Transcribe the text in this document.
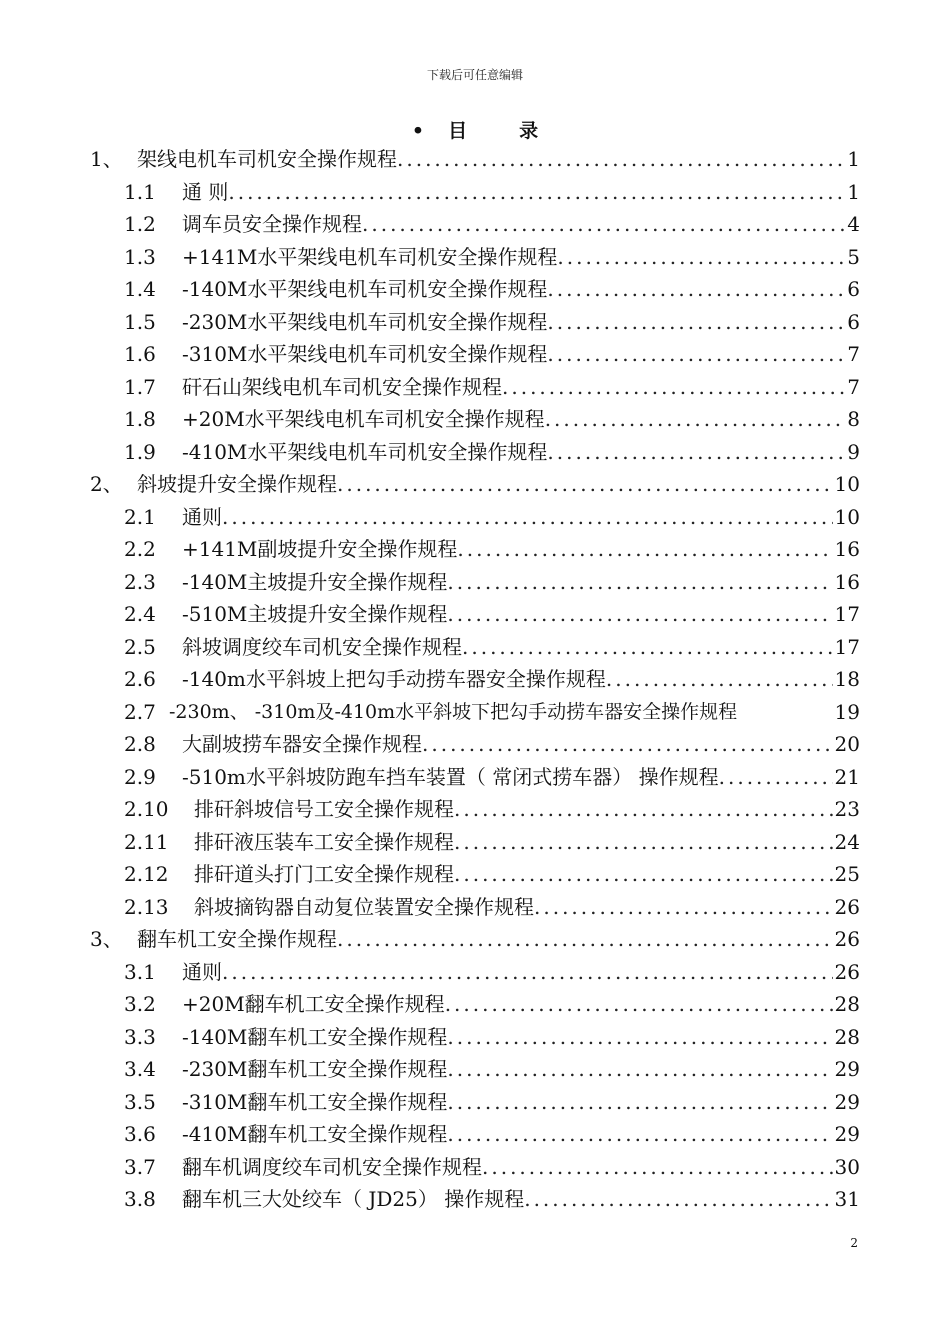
下载后可任意编辑
• 目	录
1、 架线电机车司机安全操作规程 .....	1
1.1	通 则 .....	1
1.2	调车员安全操作规程 .....	4
1.3	+141M水平架线电机车司机安全操作规程 .....	5
1.4	-140M水平架线电机车司机安全操作规程 .....	6
1.5	-230M水平架线电机车司机安全操作规程 .....	6
1.6	-310M水平架线电机车司机安全操作规程 .....	7
1.7	矸石山架线电机车司机安全操作规程 .....	7
1.8	+20M水平架线电机车司机安全操作规程 .....	8
1.9	-410M水平架线电机车司机安全操作规程 .....	9
2、 斜坡提升安全操作规程 .....	10
2.1	通则 .....	10
2.2	+141M副坡提升安全操作规程 .....	16
2.3	-140M主坡提升安全操作规程 .....	16
2.4	-510M主坡提升安全操作规程 .....	17
2.5	斜坡调度绞车司机安全操作规程 .....	17
2.6	-140m水平斜坡上把勾手动捞车器安全操作规程 .....	18
2.7 -230m、 -310m及-410m水平斜坡下把勾手动捞车器安全操作规程	19
2.8	大副坡捞车器安全操作规程 .....	20
2.9	-510m水平斜坡防跑车挡车装置（ 常闭式捞车器） 操作规程 .....	21
2.10	排矸斜坡信号工安全操作规程 .....	23
2.11	排矸液压装车工安全操作规程 .....	24
2.12	排矸道头打门工安全操作规程 .....	25
2.13	斜坡摘钩器自动复位装置安全操作规程 .....	26
3、 翻车机工安全操作规程 .....	26
3.1	通则 .....	26
3.2	+20M翻车机工安全操作规程 .....	28
3.3	-140M翻车机工安全操作规程 .....	28
3.4	-230M翻车机工安全操作规程 .....	29
3.5	-310M翻车机工安全操作规程 .....	29
3.6	-410M翻车机工安全操作规程 .....	29
3.7	翻车机调度绞车司机安全操作规程 .....	30
3.8	翻车机三大处绞车（ JD25） 操作规程 .....	31
2
